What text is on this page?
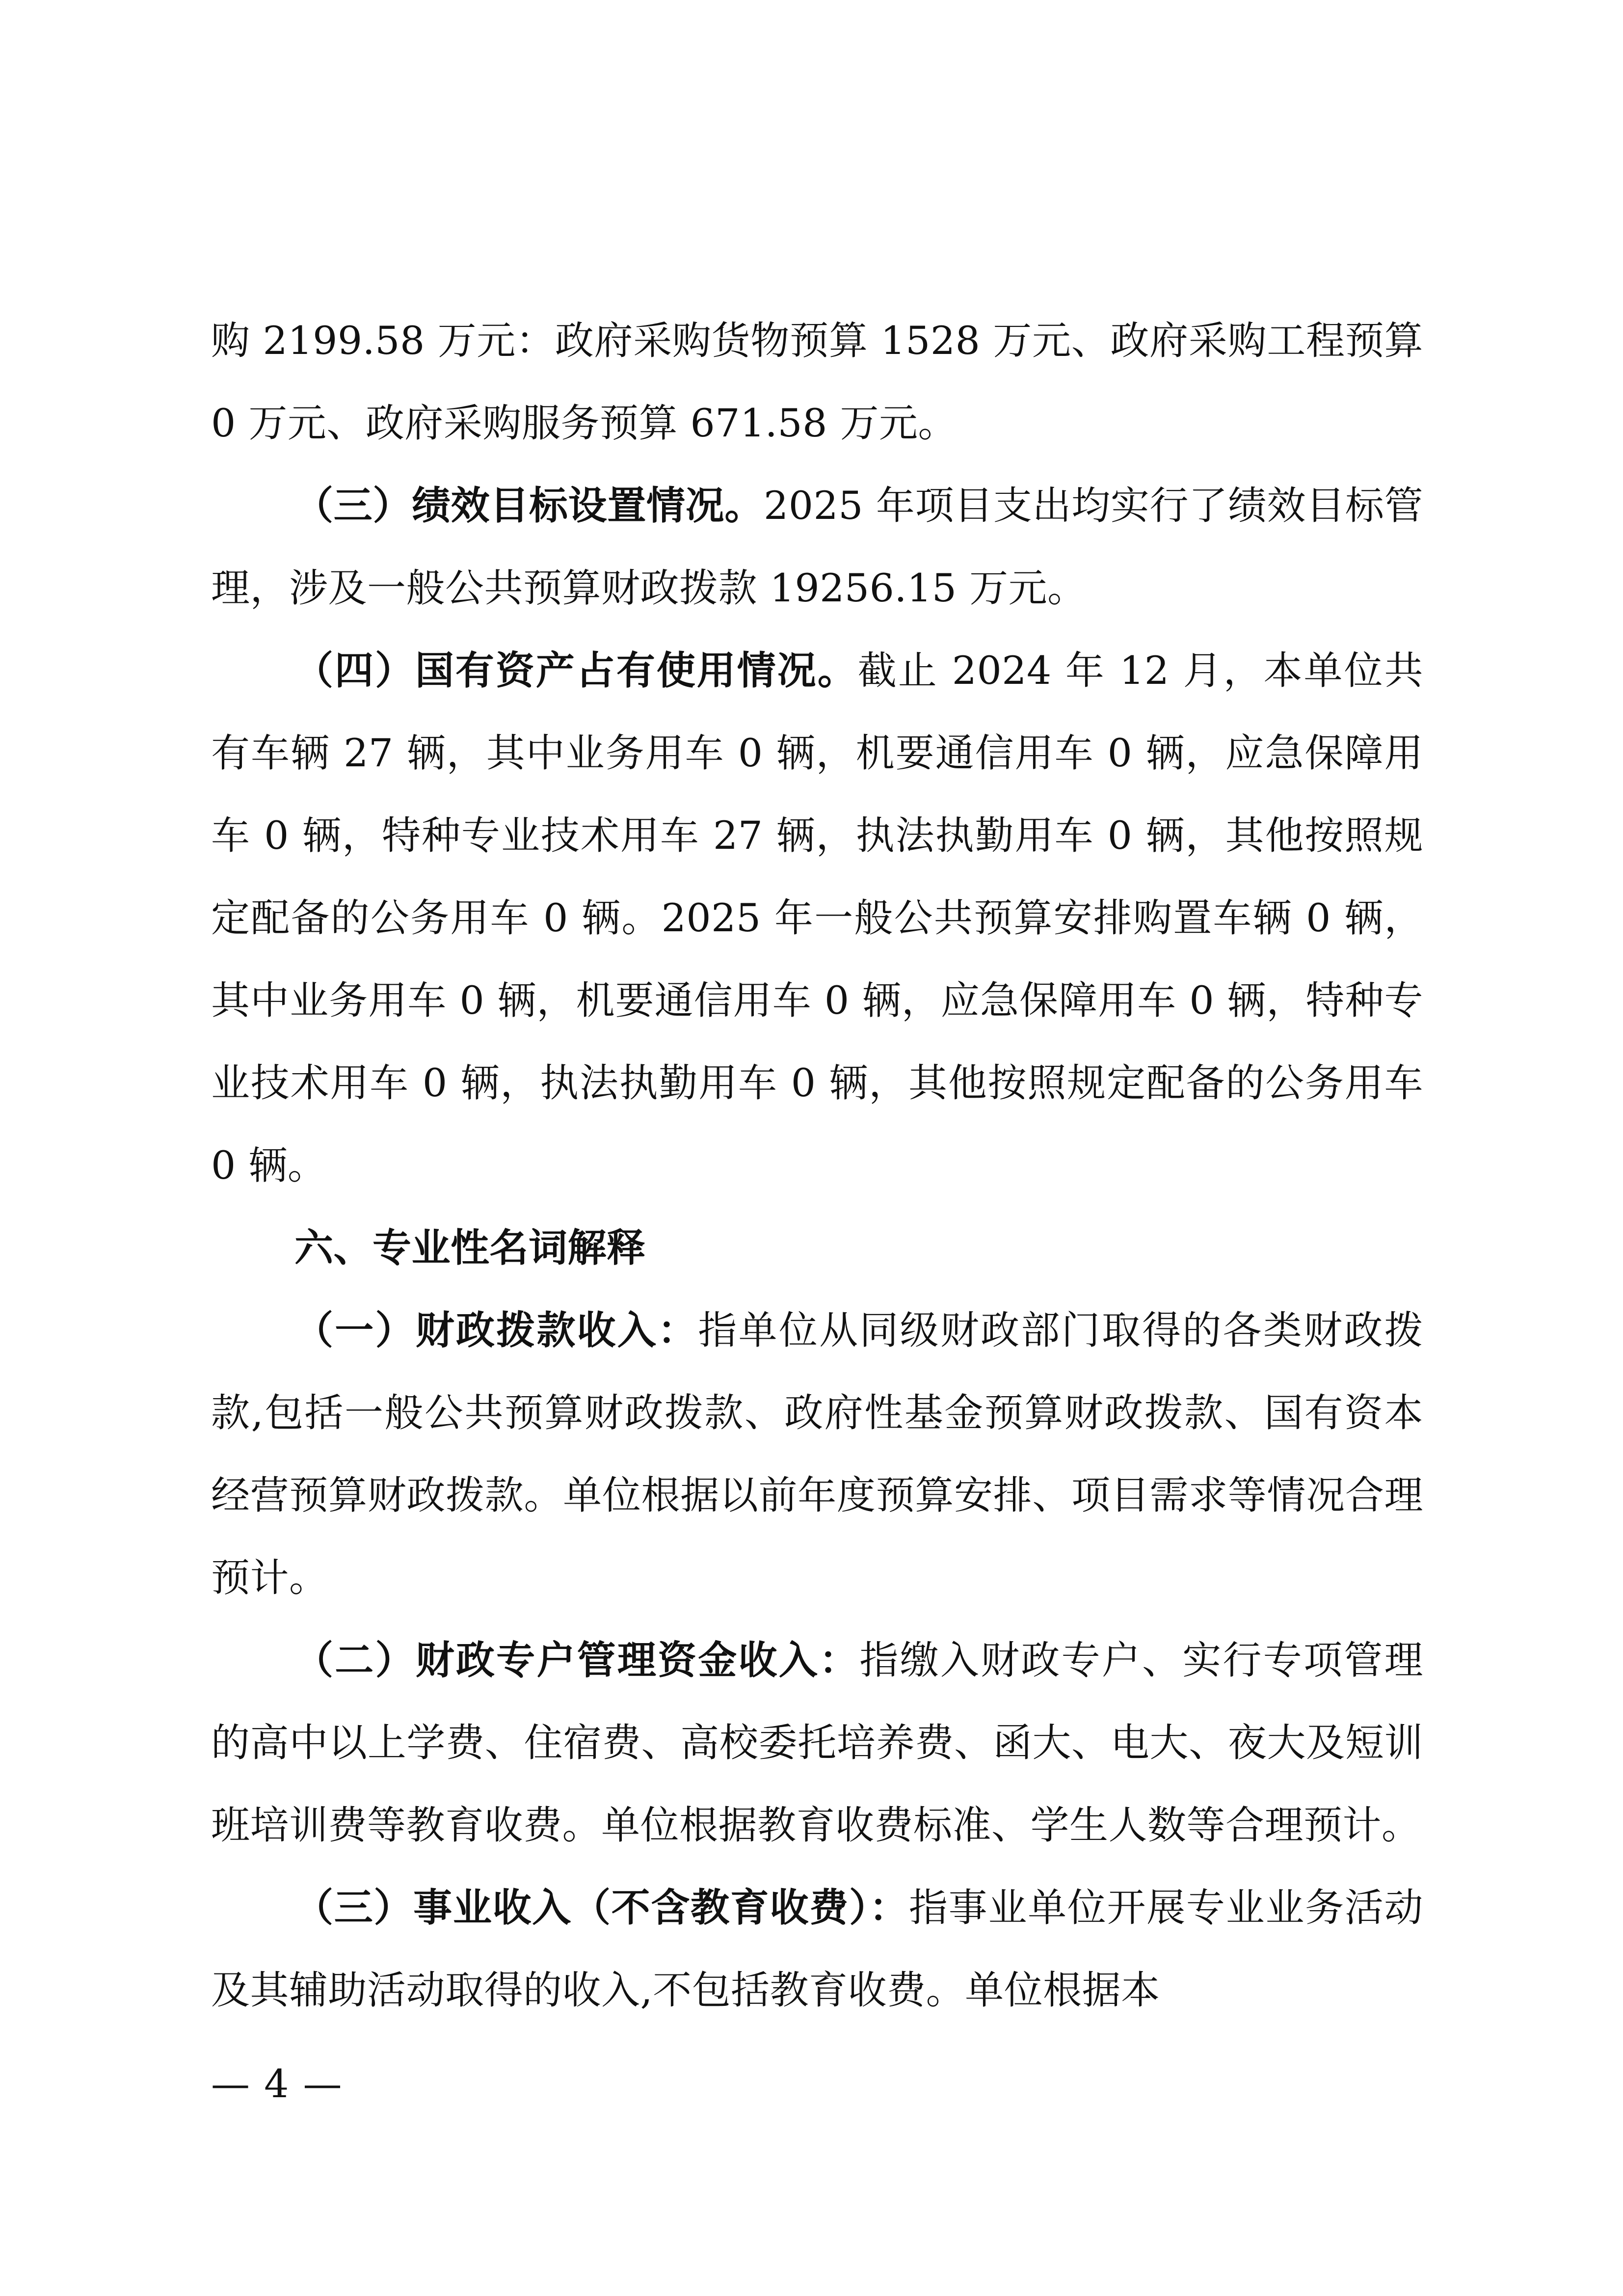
购 2199.58 万元：政府采购货物预算 1528 万元、政府采购工程预算 0 万元、政府采购服务预算 671.58 万元。

（三）绩效目标设置情况。2025 年项目支出均实行了绩效目标管理，涉及一般公共预算财政拨款 19256.15 万元。

（四）国有资产占有使用情况。截止 2024 年 12 月，本单位共有车辆 27 辆，其中业务用车 0 辆，机要通信用车 0 辆，应急保障用车 0 辆，特种专业技术用车 27 辆，执法执勤用车 0 辆，其他按照规定配备的公务用车 0 辆。2025 年一般公共预算安排购置车辆 0 辆，其中业务用车 0 辆，机要通信用车 0 辆，应急保障用车 0 辆，特种专业技术用车 0 辆，执法执勤用车 0 辆，其他按照规定配备的公务用车 0 辆。

六、专业性名词解释

（一）财政拨款收入：指单位从同级财政部门取得的各类财政拨款,包括一般公共预算财政拨款、政府性基金预算财政拨款、国有资本经营预算财政拨款。单位根据以前年度预算安排、项目需求等情况合理预计。

（二）财政专户管理资金收入：指缴入财政专户、实行专项管理的高中以上学费、住宿费、高校委托培养费、函大、电大、夜大及短训班培训费等教育收费。单位根据教育收费标准、学生人数等合理预计。

（三）事业收入（不含教育收费）：指事业单位开展专业业务活动及其辅助活动取得的收入,不包括教育收费。单位根据本

— 4 —
